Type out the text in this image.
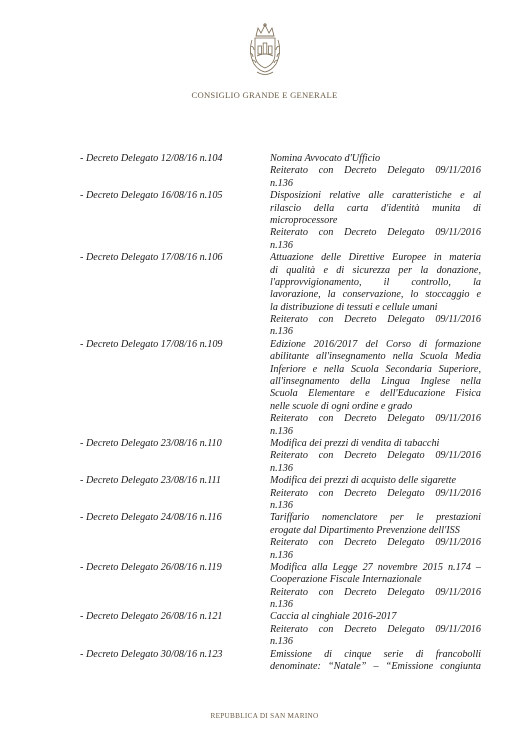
CONSIGLIO GRANDE E GENERALE
- Decreto Delegato 12/08/16 n.104	Nomina Avvocato d'Ufficio
Reiterato con Decreto Delegato 09/11/2016
n.136
- Decreto Delegato 16/08/16 n.105	Disposizioni relative alle caratteristiche e al
rilascio della carta d'identità munita di
microprocessore
Reiterato con Decreto Delegato 09/11/2016
n.136
- Decreto Delegato 17/08/16 n.106	Attuazione delle Direttive Europee in materia
di qualità e di sicurezza per la donazione,
l'approvvigionamento, il controllo, la
lavorazione, la conservazione, lo stoccaggio e
la distribuzione di tessuti e cellule umani
Reiterato con Decreto Delegato 09/11/2016
n.136
- Decreto Delegato 17/08/16 n.109	Edizione 2016/2017 del Corso di formazione
abilitante all'insegnamento nella Scuola Media
Inferiore e nella Scuola Secondaria Superiore,
all'insegnamento della Lingua Inglese nella
Scuola Elementare e dell'Educazione Fisica
nelle scuole di ogni ordine e grado
Reiterato con Decreto Delegato 09/11/2016
n.136
- Decreto Delegato 23/08/16 n.110	Modifica dei prezzi di vendita di tabacchi
Reiterato con Decreto Delegato 09/11/2016
n.136
- Decreto Delegato 23/08/16 n.111	Modifica dei prezzi di acquisto delle sigarette
Reiterato con Decreto Delegato 09/11/2016
n.136
- Decreto Delegato 24/08/16 n.116	Tariffario nomenclatore per le prestazioni
erogate dal Dipartimento Prevenzione dell'ISS
Reiterato con Decreto Delegato 09/11/2016
n.136
- Decreto Delegato 26/08/16 n.119	Modifica alla Legge 27 novembre 2015 n.174 –
Cooperazione Fiscale Internazionale
Reiterato con Decreto Delegato 09/11/2016
n.136
- Decreto Delegato 26/08/16 n.121	Caccia al cinghiale 2016-2017
Reiterato con Decreto Delegato 09/11/2016
n.136
- Decreto Delegato 30/08/16 n.123	Emissione di cinque serie di francobolli
denominate: “Natale” – “Emissione congiunta
REPUBBLICA DI SAN MARINO
